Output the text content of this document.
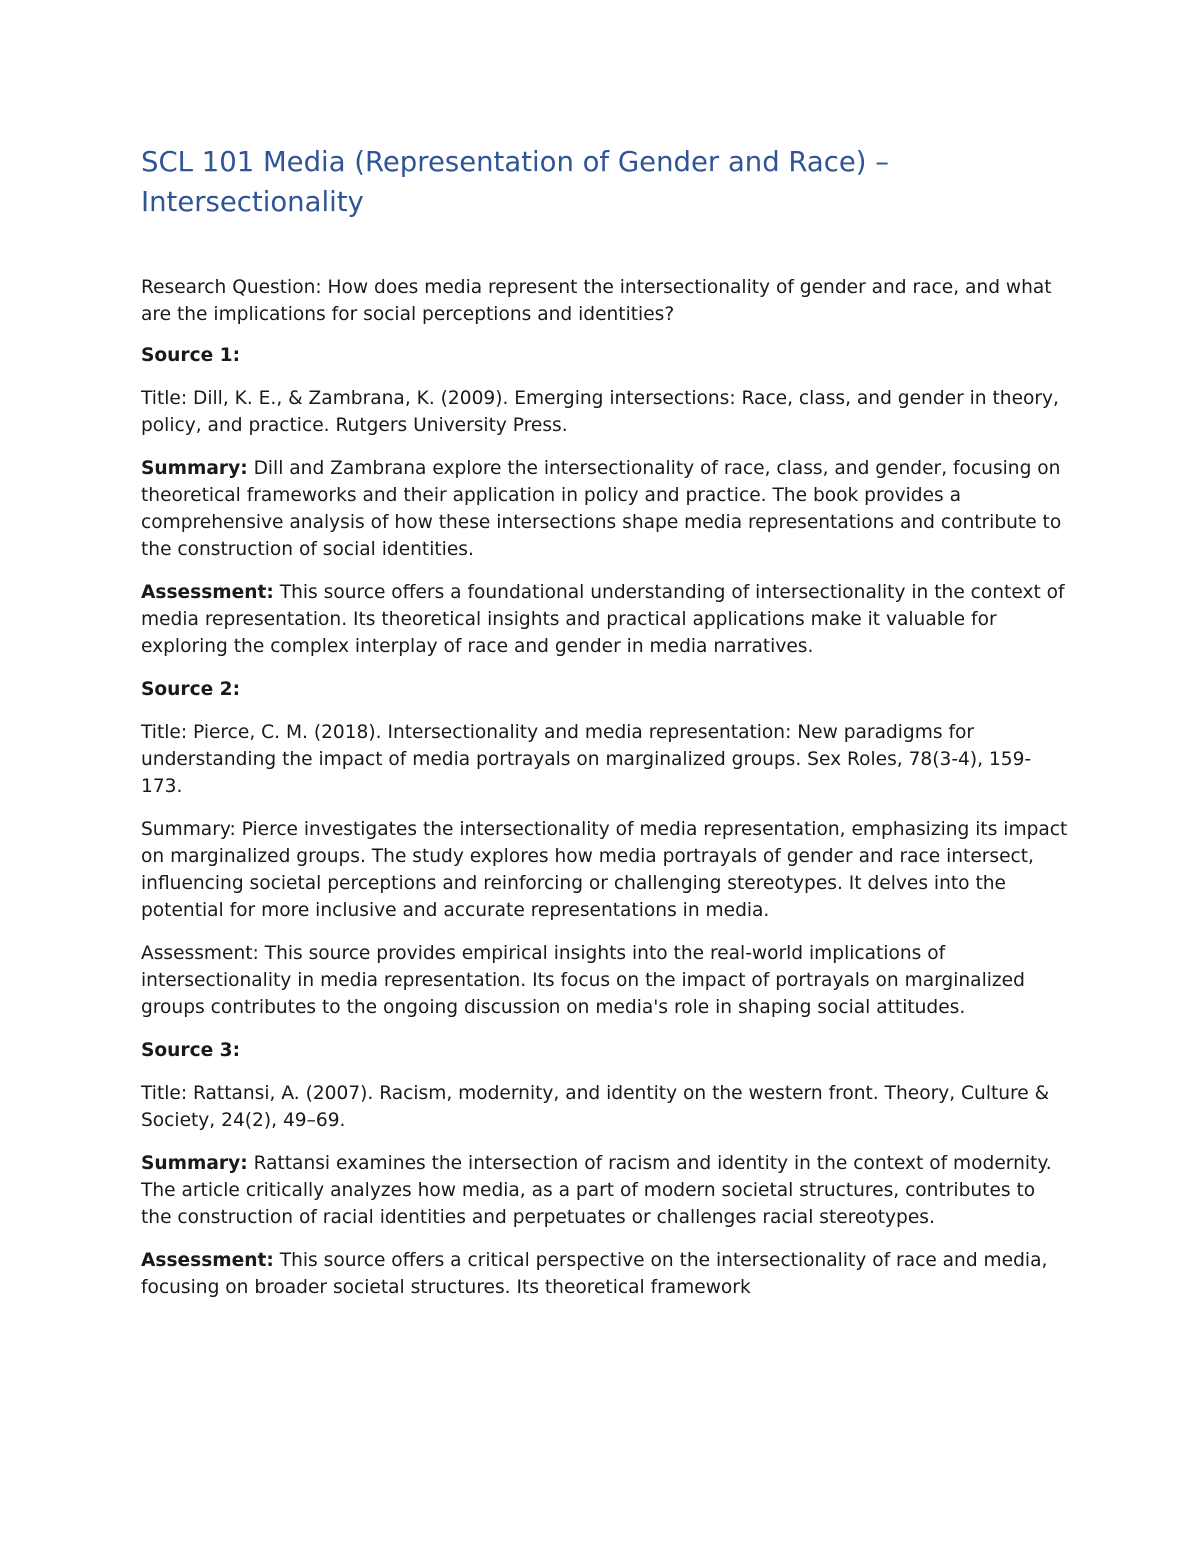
SCL 101 Media (Representation of Gender and Race) – Intersectionality

Research Question: How does media represent the intersectionality of gender and race, and what are the implications for social perceptions and identities?

Source 1:

Title: Dill, K. E., & Zambrana, K. (2009). Emerging intersections: Race, class, and gender in theory, policy, and practice. Rutgers University Press.

Summary: Dill and Zambrana explore the intersectionality of race, class, and gender, focusing on theoretical frameworks and their application in policy and practice. The book provides a comprehensive analysis of how these intersections shape media representations and contribute to the construction of social identities.

Assessment: This source offers a foundational understanding of intersectionality in the context of media representation. Its theoretical insights and practical applications make it valuable for exploring the complex interplay of race and gender in media narratives.

Source 2:

Title: Pierce, C. M. (2018). Intersectionality and media representation: New paradigms for understanding the impact of media portrayals on marginalized groups. Sex Roles, 78(3-4), 159-173.

Summary: Pierce investigates the intersectionality of media representation, emphasizing its impact on marginalized groups. The study explores how media portrayals of gender and race intersect, influencing societal perceptions and reinforcing or challenging stereotypes. It delves into the potential for more inclusive and accurate representations in media.

Assessment: This source provides empirical insights into the real-world implications of intersectionality in media representation. Its focus on the impact of portrayals on marginalized groups contributes to the ongoing discussion on media's role in shaping social attitudes.

Source 3:

Title: Rattansi, A. (2007). Racism, modernity, and identity on the western front. Theory, Culture & Society, 24(2), 49–69.

Summary: Rattansi examines the intersection of racism and identity in the context of modernity. The article critically analyzes how media, as a part of modern societal structures, contributes to the construction of racial identities and perpetuates or challenges racial stereotypes.

Assessment: This source offers a critical perspective on the intersectionality of race and media, focusing on broader societal structures. Its theoretical framework
